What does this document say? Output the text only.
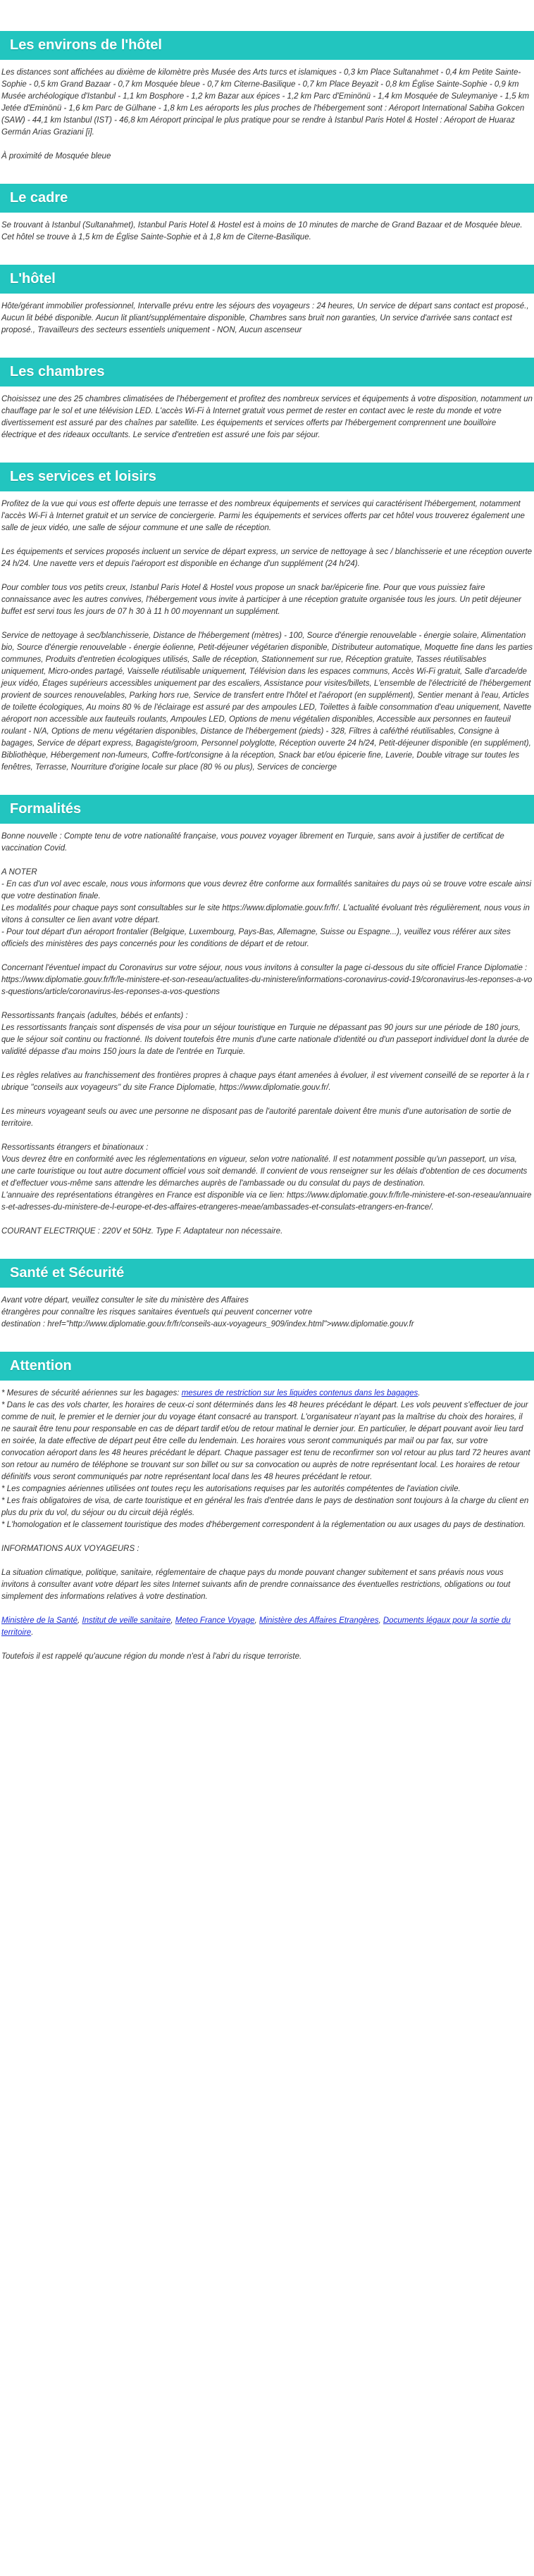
Les environs de l'hôtel

Les distances sont affichées au dixième de kilomètre près Musée des Arts turcs et islamiques - 0,3 km Place Sultanahmet - 0,4 km Petite Sainte-Sophie - 0,5 km Grand Bazaar - 0,7 km Mosquée bleue - 0,7 km Citerne-Basilique - 0,7 km Place Beyazit - 0,8 km Église Sainte-Sophie - 0,9 km Musée archéologique d'Istanbul - 1,1 km Bosphore - 1,2 km Bazar aux épices - 1,2 km Parc d'Eminönü - 1,4 km Mosquée de Suleymaniye - 1,5 km Jetée d'Eminönü - 1,6 km Parc de Gülhane - 1,8 km Les aéroports les plus proches de l'hébergement sont : Aéroport International Sabiha Gokcen (SAW) - 44,1 km Istanbul (IST) - 46,8 km Aéroport principal le plus pratique pour se rendre à Istanbul Paris Hotel & Hostel : Aéroport de Huaraz Germán Arias Graziani [i].

À proximité de Mosquée bleue

Le cadre

Se trouvant à Istanbul (Sultanahmet), Istanbul Paris Hotel & Hostel est à moins de 10 minutes de marche de Grand Bazaar et de Mosquée bleue. Cet hôtel se trouve à 1,5 km de Église Sainte-Sophie et à 1,8 km de Citerne-Basilique.

L'hôtel

Hôte/gérant immobilier professionnel, Intervalle prévu entre les séjours des voyageurs : 24 heures, Un service de départ sans contact est proposé., Aucun lit bébé disponible. Aucun lit pliant/supplémentaire disponible, Chambres sans bruit non garanties, Un service d'arrivée sans contact est proposé., Travailleurs des secteurs essentiels uniquement - NON, Aucun ascenseur

Les chambres

Choisissez une des 25 chambres climatisées de l'hébergement et profitez des nombreux services et équipements à votre disposition, notamment un chauffage par le sol et une télévision LED. L'accès Wi-Fi à Internet gratuit vous permet de rester en contact avec le reste du monde et votre divertissement est assuré par des chaînes par satellite. Les équipements et services offerts par l'hébergement comprennent une bouilloire électrique et des rideaux occultants. Le service d'entretien est assuré une fois par séjour.

Les services et loisirs

Profitez de la vue qui vous est offerte depuis une terrasse et des nombreux équipements et services qui caractérisent l'hébergement, notamment l'accès Wi-Fi à Internet gratuit et un service de conciergerie. Parmi les équipements et services offerts par cet hôtel vous trouverez également une salle de jeux vidéo, une salle de séjour commune et une salle de réception.

Les équipements et services proposés incluent un service de départ express, un service de nettoyage à sec / blanchisserie et une réception ouverte 24 h/24. Une navette vers et depuis l'aéroport est disponible en échange d'un supplément (24 h/24).

Pour combler tous vos petits creux, Istanbul Paris Hotel & Hostel vous propose un snack bar/épicerie fine. Pour que vous puissiez faire connaissance avec les autres convives, l'hébergement vous invite à participer à une réception gratuite organisée tous les jours. Un petit déjeuner buffet est servi tous les jours de 07 h 30 à 11 h 00 moyennant un supplément.

Service de nettoyage à sec/blanchisserie, Distance de l'hébergement (mètres) - 100, Source d'énergie renouvelable - énergie solaire, Alimentation bio, Source d'énergie renouvelable - énergie éolienne, Petit-déjeuner végétarien disponible, Distributeur automatique, Moquette fine dans les parties communes, Produits d'entretien écologiques utilisés, Salle de réception, Stationnement sur rue, Réception gratuite, Tasses réutilisables uniquement, Micro-ondes partagé, Vaisselle réutilisable uniquement, Télévision dans les espaces communs, Accès Wi-Fi gratuit, Salle d'arcade/de jeux vidéo, Étages supérieurs accessibles uniquement par des escaliers, Assistance pour visites/billets, L'ensemble de l'électricité de l'hébergement provient de sources renouvelables, Parking hors rue, Service de transfert entre l'hôtel et l'aéroport (en supplément), Sentier menant à l'eau, Articles de toilette écologiques, Au moins 80 % de l'éclairage est assuré par des ampoules LED, Toilettes à faible consommation d'eau uniquement, Navette aéroport non accessible aux fauteuils roulants, Ampoules LED, Options de menu végétalien disponibles, Accessible aux personnes en fauteuil roulant - N/A, Options de menu végétarien disponibles, Distance de l'hébergement (pieds) - 328, Filtres à café/thé réutilisables, Consigne à bagages, Service de départ express, Bagagiste/groom, Personnel polyglotte, Réception ouverte 24 h/24, Petit-déjeuner disponible (en supplément), Bibliothèque, Hébergement non-fumeurs, Coffre-fort/consigne à la réception, Snack bar et/ou épicerie fine, Laverie, Double vitrage sur toutes les fenêtres, Terrasse, Nourriture d'origine locale sur place (80 % ou plus), Services de concierge

Formalités

Bonne nouvelle : Compte tenu de votre nationalité française, vous pouvez voyager librement en Turquie, sans avoir à justifier de certificat de vaccination Covid.

A NOTER
- En cas d'un vol avec escale, nous vous informons que vous devrez être conforme aux formalités sanitaires du pays où se trouve votre escale ainsi que votre destination finale.
Les modalités pour chaque pays sont consultables sur le site https://www.diplomatie.gouv.fr/fr/. L'actualité évoluant très régulièrement, nous vous invitons à consulter ce lien avant votre départ.
- Pour tout départ d'un aéroport frontalier (Belgique, Luxembourg, Pays-Bas, Allemagne, Suisse ou Espagne...), veuillez vous référer aux sites officiels des ministères des pays concernés pour les conditions de départ et de retour.

Concernant l'éventuel impact du Coronavirus sur votre séjour, nous vous invitons à consulter la page ci-dessous du site officiel France Diplomatie : https://www.diplomatie.gouv.fr/fr/le-ministere-et-son-reseau/actualites-du-ministere/informations-coronavirus-covid-19/coronavirus-les-reponses-a-vos-questions/article/coronavirus-les-reponses-a-vos-questions

Ressortissants français (adultes, bébés et enfants) :
Les ressortissants français sont dispensés de visa pour un séjour touristique en Turquie ne dépassant pas 90 jours sur une période de 180 jours, que le séjour soit continu ou fractionné. Ils doivent toutefois être munis d'une carte nationale d'identité ou d'un passeport individuel dont la durée de validité dépasse d'au moins 150 jours la date de l'entrée en Turquie.

Les règles relatives au franchissement des frontières propres à chaque pays étant amenées à évoluer, il est vivement conseillé de se reporter à la rubrique "conseils aux voyageurs" du site France Diplomatie, https://www.diplomatie.gouv.fr/.

Les mineurs voyageant seuls ou avec une personne ne disposant pas de l'autorité parentale doivent être munis d'une autorisation de sortie de territoire.

Ressortissants étrangers et binationaux :
Vous devrez être en conformité avec les réglementations en vigueur, selon votre nationalité. Il est notamment possible qu'un passeport, un visa, une carte touristique ou tout autre document officiel vous soit demandé. Il convient de vous renseigner sur les délais d'obtention de ces documents et d'effectuer vous-même sans attendre les démarches auprès de l'ambassade ou du consulat du pays de destination.
L'annuaire des représentations étrangères en France est disponible via ce lien: https://www.diplomatie.gouv.fr/fr/le-ministere-et-son-reseau/annuaires-et-adresses-du-ministere-de-l-europe-et-des-affaires-etrangeres-meae/ambassades-et-consulats-etrangers-en-france/.

COURANT ELECTRIQUE : 220V et 50Hz. Type F. Adaptateur non nécessaire.

Santé et Sécurité

Avant votre départ, veuillez consulter le site du ministère des Affaires
étrangères pour connaître les risques sanitaires éventuels qui peuvent concerner votre
destination : href="http://www.diplomatie.gouv.fr/fr/conseils-aux-voyageurs_909/index.html">www.diplomatie.gouv.fr

Attention

* Mesures de sécurité aériennes sur les bagages: mesures de restriction sur les liquides contenus dans les bagages.
* Dans le cas des vols charter, les horaires de ceux-ci sont déterminés dans les 48 heures précédant le départ. Les vols peuvent s'effectuer de jour comme de nuit, le premier et le dernier jour du voyage étant consacré au transport. L'organisateur n'ayant pas la maîtrise du choix des horaires, il ne saurait être tenu pour responsable en cas de départ tardif et/ou de retour matinal le dernier jour. En particulier, le départ pouvant avoir lieu tard en soirée, la date effective de départ peut être celle du lendemain. Les horaires vous seront communiqués par mail ou par fax, sur votre convocation aéroport dans les 48 heures précédant le départ. Chaque passager est tenu de reconfirmer son vol retour au plus tard 72 heures avant son retour au numéro de téléphone se trouvant sur son billet ou sur sa convocation ou auprès de notre représentant local. Les horaires de retour définitifs vous seront communiqués par notre représentant local dans les 48 heures précédant le retour.
* Les compagnies aériennes utilisées ont toutes reçu les autorisations requises par les autorités compétentes de l'aviation civile.
* Les frais obligatoires de visa, de carte touristique et en général les frais d'entrée dans le pays de destination sont toujours à la charge du client en plus du prix du vol, du séjour ou du circuit déjà réglés.
* L'homologation et le classement touristique des modes d'hébergement correspondent à la réglementation ou aux usages du pays de destination.

INFORMATIONS AUX VOYAGEURS :

La situation climatique, politique, sanitaire, réglementaire de chaque pays du monde pouvant changer subitement et sans préavis nous vous invitons à consulter avant votre départ les sites Internet suivants afin de prendre connaissance des éventuelles restrictions, obligations ou tout simplement des informations relatives à votre destination.

Ministère de la Santé, Institut de veille sanitaire, Meteo France Voyage, Ministère des Affaires Etrangères, Documents légaux pour la sortie du territoire.

Toutefois il est rappelé qu'aucune région du monde n'est à l'abri du risque terroriste.
